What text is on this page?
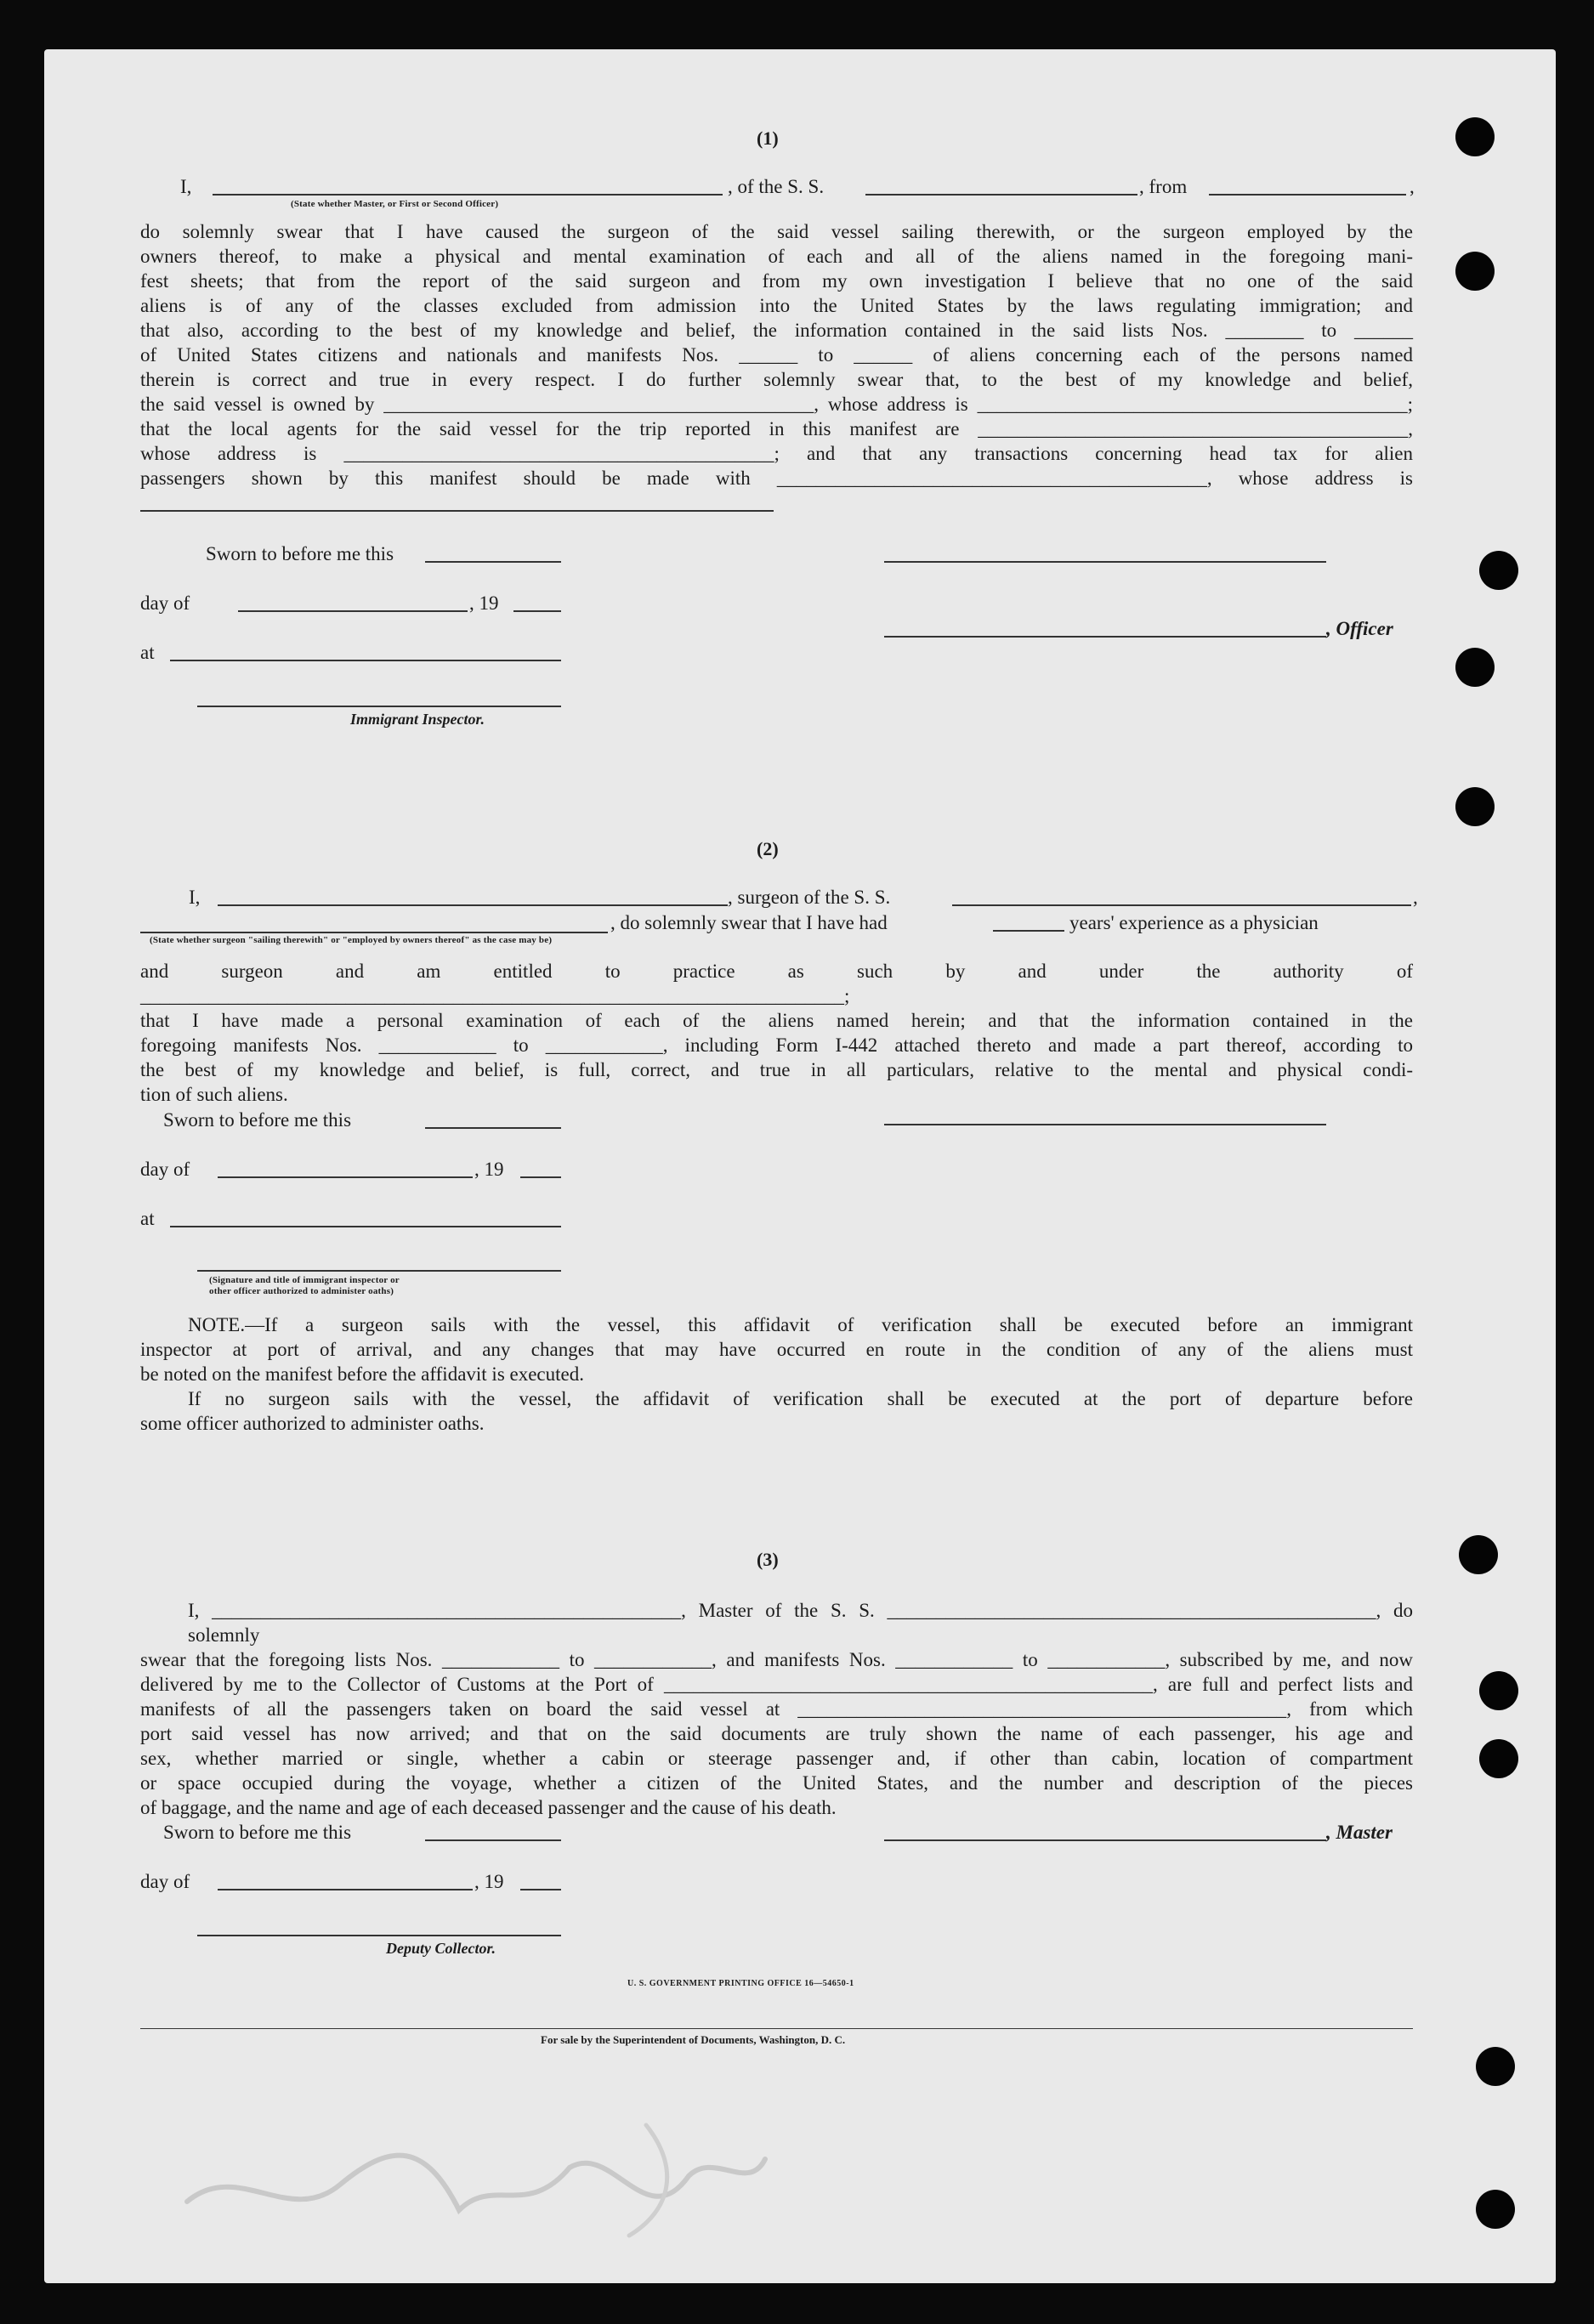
(1)
I,
(State whether Master, or First or Second Officer)
, of the S. S.	, from	,
do solemnly swear that I have caused the surgeon of the said vessel sailing therewith, or the surgeon employed by the
owners thereof, to make a physical and mental examination of each and all of the aliens named in the foregoing mani-
fest sheets; that from the report of the said surgeon and from my own investigation I believe that no one of the said
aliens is of any of the classes excluded from admission into the United States by the laws regulating immigration; and
that also, according to the best of my knowledge and belief, the information contained in the said lists Nos. ________ to ______
of United States citizens and nationals and manifests Nos. ______ to ______ of aliens concerning each of the persons named
therein is correct and true in every respect. I do further solemnly swear that, to the best of my knowledge and belief,
the said vessel is owned by ____________________________________________, whose address is ____________________________________________;
that the local agents for the said vessel for the trip reported in this manifest are ____________________________________________,
whose address is ____________________________________________; and that any transactions concerning head tax for alien
passengers shown by this manifest should be made with ____________________________________________, whose address is
Sworn to before me this
day of	, 19
, Officer
at
Immigrant Inspector.
(2)
I,	, surgeon of the S. S.	,
, do solemnly swear that I have had	years' experience as a physician
(State whether surgeon "sailing therewith" or "employed by owners thereof" as the case may be)
and surgeon and am entitled to practice as such by and under the authority of ________________________________________________________________________;
that I have made a personal examination of each of the aliens named herein; and that the information contained in the
foregoing manifests Nos. ____________ to ____________, including Form I-442 attached thereto and made a part thereof, according to
the best of my knowledge and belief, is full, correct, and true in all particulars, relative to the mental and physical condi-
tion of such aliens.
Sworn to before me this
day of	, 19
at
(Signature and title of immigrant inspector or
other officer authorized to administer oaths)
NOTE.—If a surgeon sails with the vessel, this affidavit of verification shall be executed before an immigrant
inspector at port of arrival, and any changes that may have occurred en route in the condition of any of the aliens must
be noted on the manifest before the affidavit is executed.
If no surgeon sails with the vessel, the affidavit of verification shall be executed at the port of departure before
some officer authorized to administer oaths.
(3)
I, ________________________________________________, Master of the S. S. __________________________________________________, do solemnly
swear that the foregoing lists Nos. ____________ to ____________, and manifests Nos. ____________ to ____________, subscribed by me, and now
delivered by me to the Collector of Customs at the Port of __________________________________________________, are full and perfect lists and
manifests of all the passengers taken on board the said vessel at __________________________________________________, from which
port said vessel has now arrived; and that on the said documents are truly shown the name of each passenger, his age and
sex, whether married or single, whether a cabin or steerage passenger and, if other than cabin, location of compartment
or space occupied during the voyage, whether a citizen of the United States, and the number and description of the pieces
of baggage, and the name and age of each deceased passenger and the cause of his death.
Sworn to before me this	, Master
day of	, 19
Deputy Collector.
U. S. GOVERNMENT PRINTING OFFICE 16—54650-1
For sale by the Superintendent of Documents, Washington, D. C.
